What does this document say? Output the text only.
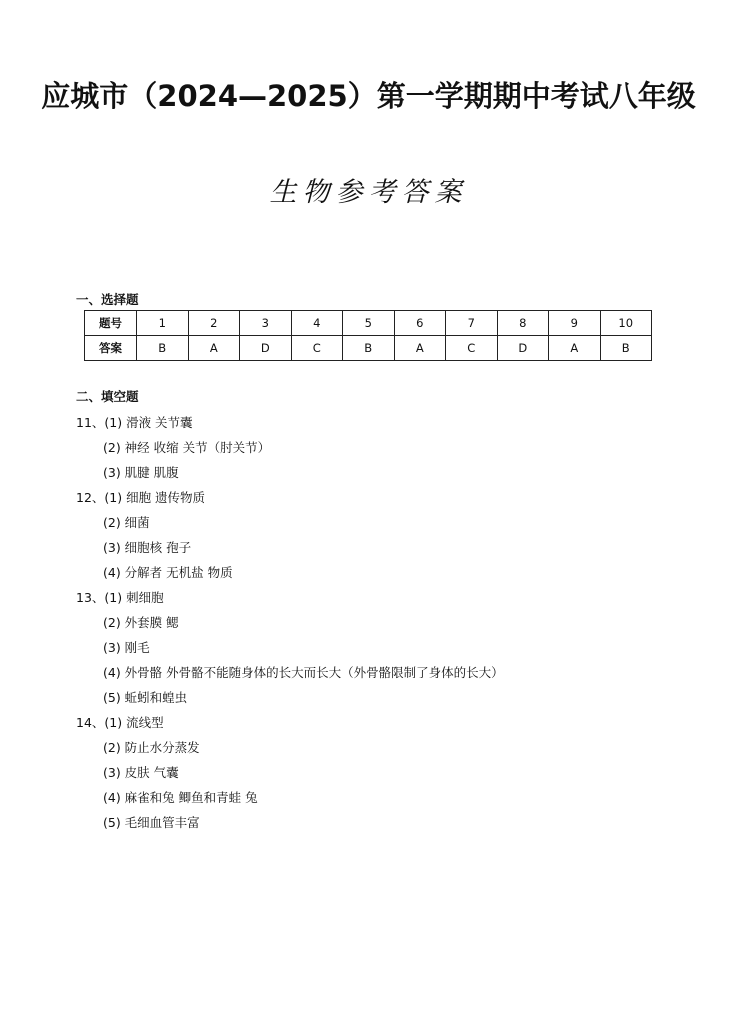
应城市（2024—2025）第一学期期中考试八年级
生物参考答案
一、选择题
题号	1	2	3	4	5	6	7	8	9	10
答案	B	A	D	C	B	A	C	D	A	B
二、填空题
11、(1) 滑液 关节囊
(2) 神经 收缩 关节（肘关节）
(3) 肌腱 肌腹
12、(1) 细胞 遗传物质
(2) 细菌
(3) 细胞核 孢子
(4) 分解者 无机盐 物质
13、(1) 刺细胞
(2) 外套膜 鳃
(3) 刚毛
(4) 外骨骼 外骨骼不能随身体的长大而长大（外骨骼限制了身体的长大）
(5) 蚯蚓和蝗虫
14、(1) 流线型
(2) 防止水分蒸发
(3) 皮肤 气囊
(4) 麻雀和兔 鲫鱼和青蛙 兔
(5) 毛细血管丰富
